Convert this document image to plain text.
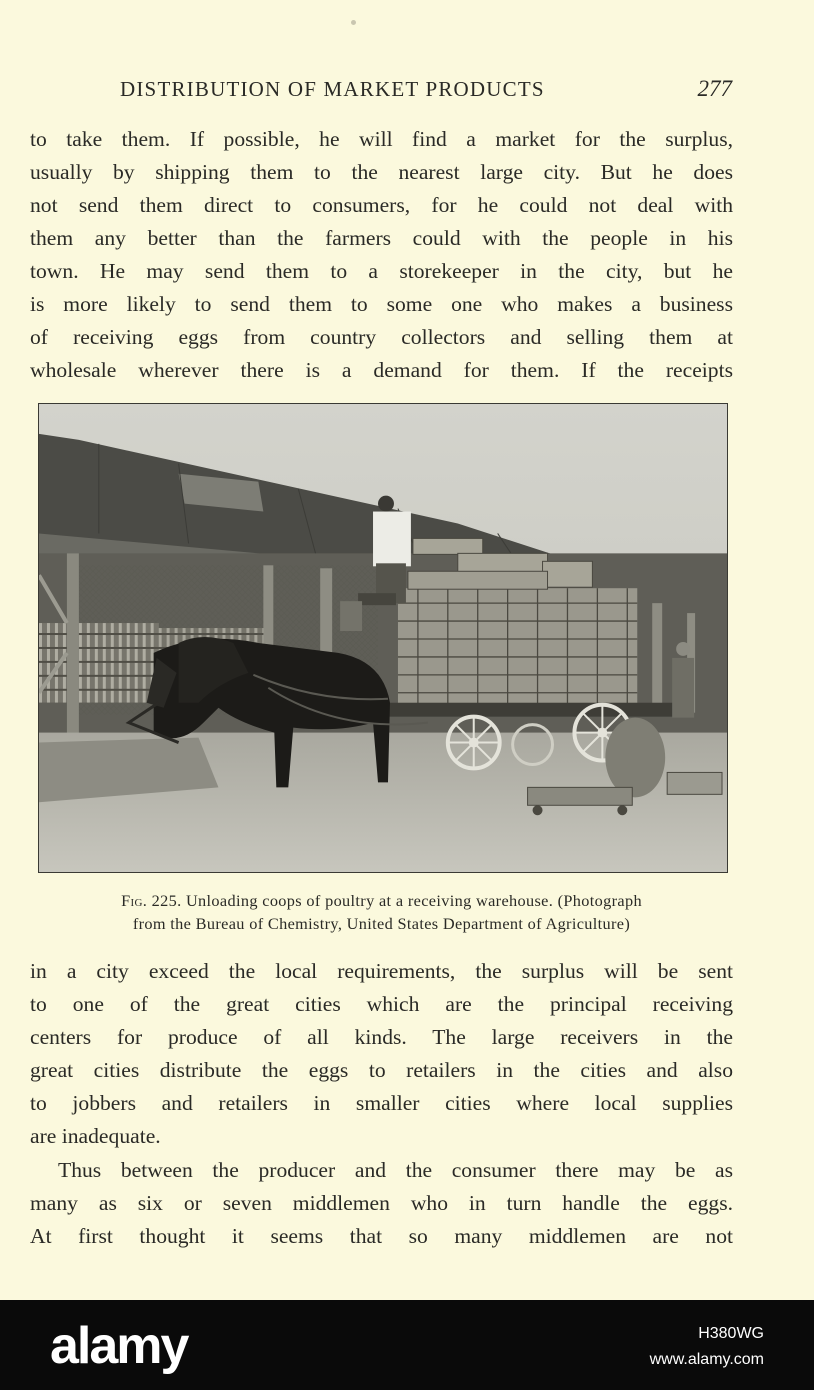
DISTRIBUTION OF MARKET PRODUCTS	277
to take them. If possible, he will find a market for the surplus,
usually by shipping them to the nearest large city. But he does
not send them direct to consumers, for he could not deal with
them any better than the farmers could with the people in his
town. He may send them to a storekeeper in the city, but he
is more likely to send them to some one who makes a business
of receiving eggs from country collectors and selling them at
wholesale wherever there is a demand for them. If the receipts
Fig. 225. Unloading coops of poultry at a receiving warehouse. (Photograph
from the Bureau of Chemistry, United States Department of Agriculture)
in a city exceed the local requirements, the surplus will be sent
to one of the great cities which are the principal receiving
centers for produce of all kinds. The large receivers in the
great cities distribute the eggs to retailers in the cities and also
to jobbers and retailers in smaller cities where local supplies
are inadequate.
Thus between the producer and the consumer there may be as
many as six or seven middlemen who in turn handle the eggs.
At first thought it seems that so many middlemen are not
alamy	H380WG
www.alamy.com
